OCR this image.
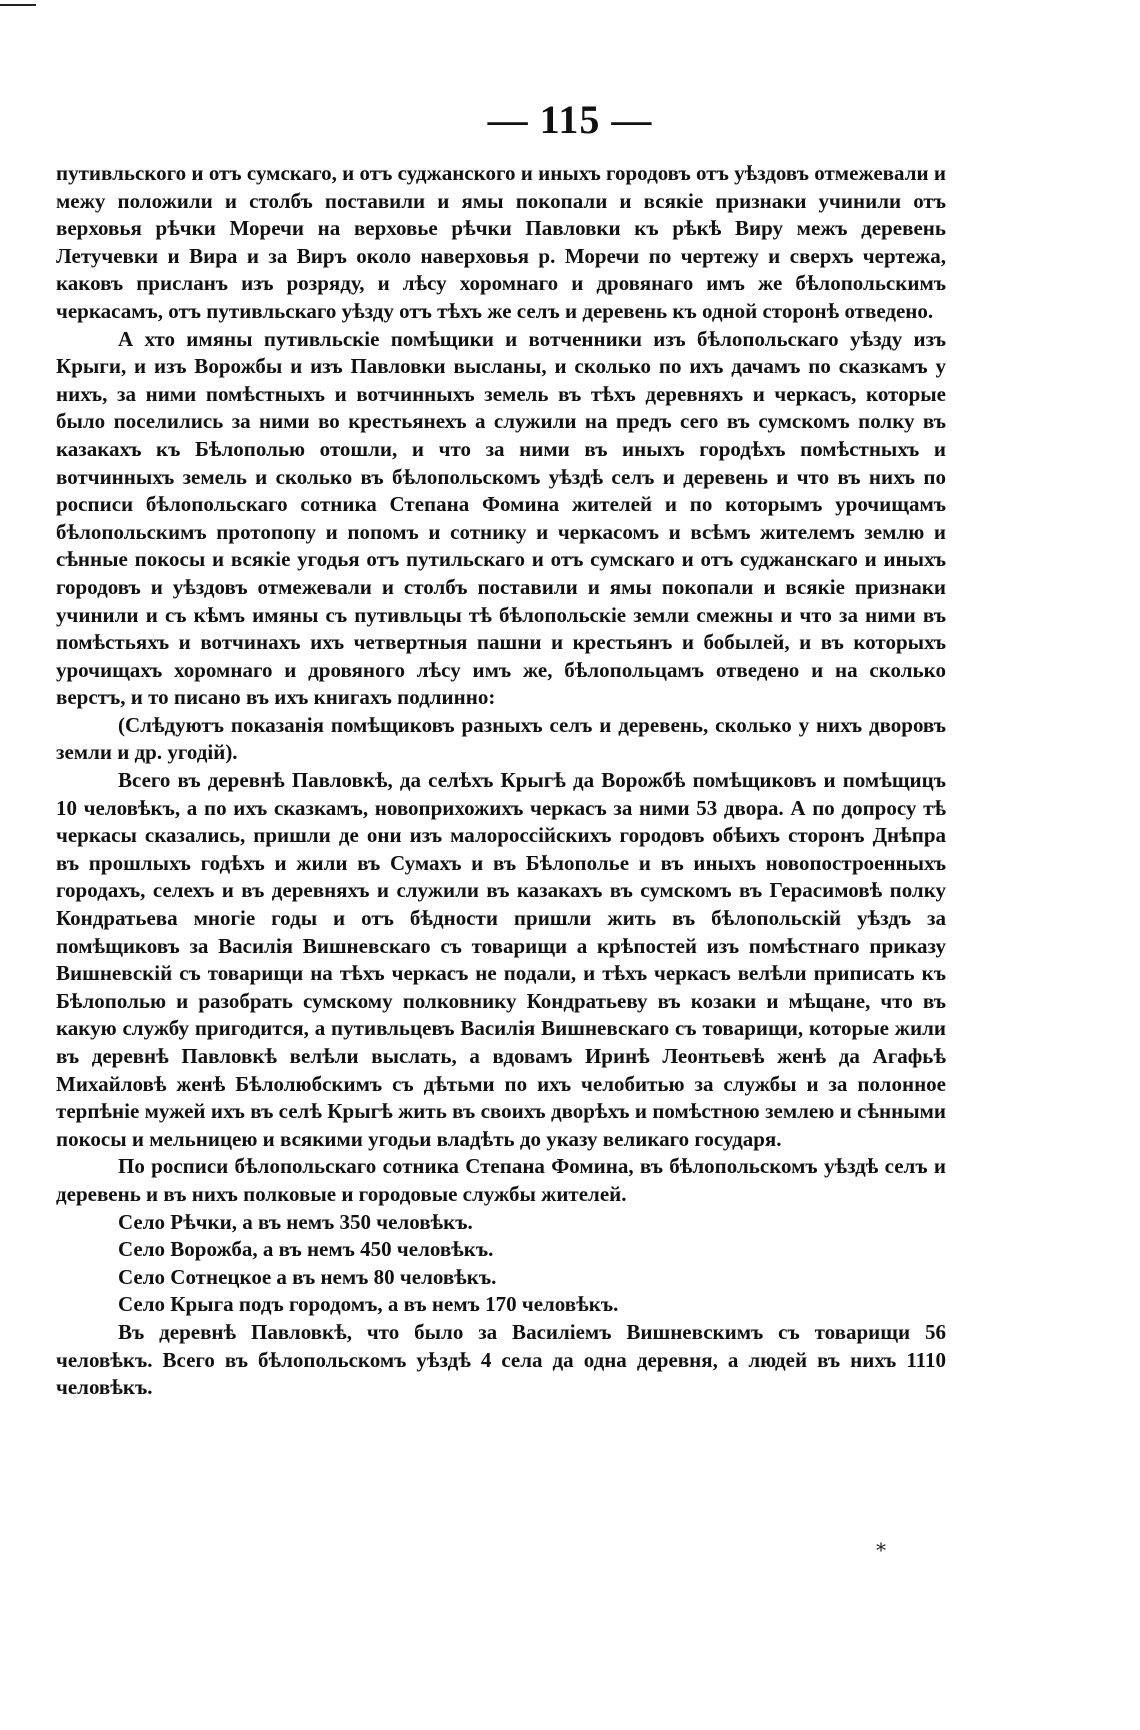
— 115 —

путивльского и отъ сумскаго, и отъ суджанского и иныхъ городовъ отъ уѣздовъ отмежевали и межу положили и столбъ поставили и ямы покопали и всякіе признаки учинили отъ верховья рѣчки Моречи на верховье рѣчки Павловки къ рѣкѣ Виру межъ деревень Летучевки и Вира и за Виръ около наверховья р. Моречи по чертежу и сверхъ чертежа, каковъ присланъ изъ розряду, и лѣсу хоромнаго и дровянаго имъ же бѣлопольскимъ черкасамъ, отъ путивльскаго уѣзду отъ тѣхъ же селъ и деревень къ одной сторонѣ отведено.

А хто имяны путивльскіе помѣщики и вотченники изъ бѣлопольскаго уѣзду изъ Крыги, и изъ Ворожбы и изъ Павловки высланы, и сколько по ихъ дачамъ по сказкамъ у нихъ, за ними помѣстныхъ и вотчинныхъ земель въ тѣхъ деревняхъ и черкасъ, которые было поселились за ними во крестьянехъ а служили на предъ сего въ сумскомъ полку въ казакахъ къ Бѣлополью отошли, и что за ними въ иныхъ городѣхъ помѣстныхъ и вотчинныхъ земель и сколько въ бѣлопольскомъ уѣздѣ селъ и деревень и что въ нихъ по росписи бѣлопольскаго сотника Степана Фомина жителей и по которымъ урочищамъ бѣлопольскимъ протопопу и попомъ и сотнику и черкасомъ и всѣмъ жителемъ землю и сѣнные покосы и всякіе угодья отъ путильскаго и отъ сумскаго и отъ суджанскаго и иныхъ городовъ и уѣздовъ отмежевали и столбъ поставили и ямы покопали и всякіе признаки учинили и съ кѣмъ имяны съ путивльцы тѣ бѣлопольскіе земли смежны и что за ними въ помѣстьяхъ и вотчинахъ ихъ четвертныя пашни и крестьянъ и бобылей, и въ которыхъ урочищахъ хоромнаго и дровяного лѣсу имъ же, бѣлопольцамъ отведено и на сколько верстъ, и то писано въ ихъ книгахъ подлинно:

(Слѣдуютъ показанія помѣщиковъ разныхъ селъ и деревень, сколько у нихъ дворовъ земли и др. угодій).

Всего въ деревнѣ Павловкѣ, да селѣхъ Крыгѣ да Ворожбѣ помѣщиковъ и помѣщицъ 10 человѣкъ, а по ихъ сказкамъ, новоприхожихъ черкасъ за ними 53 двора. А по допросу тѣ черкасы сказались, пришли де они изъ малороссійскихъ городовъ обѣихъ сторонъ Днѣпра въ прошлыхъ годѣхъ и жили въ Сумахъ и въ Бѣлополье и въ иныхъ новопостроенныхъ городахъ, селехъ и въ деревняхъ и служили въ казакахъ въ сумскомъ въ Герасимовѣ полку Кондратьева многіе годы и отъ бѣдности пришли жить въ бѣлопольскій уѣздъ за помѣщиковъ за Василія Вишневскаго съ товарищи а крѣпостей изъ помѣстнаго приказу Вишневскій съ товарищи на тѣхъ черкасъ не подали, и тѣхъ черкасъ велѣли приписать къ Бѣлополью и разобрать сумскому полковнику Кондратьеву въ козаки и мѣщане, что въ какую службу пригодится, а путивльцевъ Василія Вишневскаго съ товарищи, которые жили въ деревнѣ Павловкѣ велѣли выслать, а вдовамъ Иринѣ Леонтьевѣ женѣ да Агафьѣ Михайловѣ женѣ Бѣлолюбскимъ съ дѣтьми по ихъ челобитью за службы и за полонное терпѣніе мужей ихъ въ селѣ Крыгѣ жить въ своихъ дворѣхъ и помѣстною землею и сѣнными покосы и мельницею и всякими угодьи владѣть до указу великаго государя.

По росписи бѣлопольскаго сотника Степана Фомина, въ бѣлопольскомъ уѣздѣ селъ и деревень и въ нихъ полковые и городовые службы жителей.

Село Рѣчки, а въ немъ 350 человѣкъ.

Село Ворожба, а въ немъ 450 человѣкъ.

Село Сотнецкое а въ немъ 80 человѣкъ.

Село Крыга подъ городомъ, а въ немъ 170 человѣкъ.

Въ деревнѣ Павловкѣ, что было за Василіемъ Вишневскимъ съ товарищи 56 человѣкъ. Всего въ бѣлопольскомъ уѣздѣ 4 села да одна деревня, а людей въ нихъ 1110 человѣкъ.

*
